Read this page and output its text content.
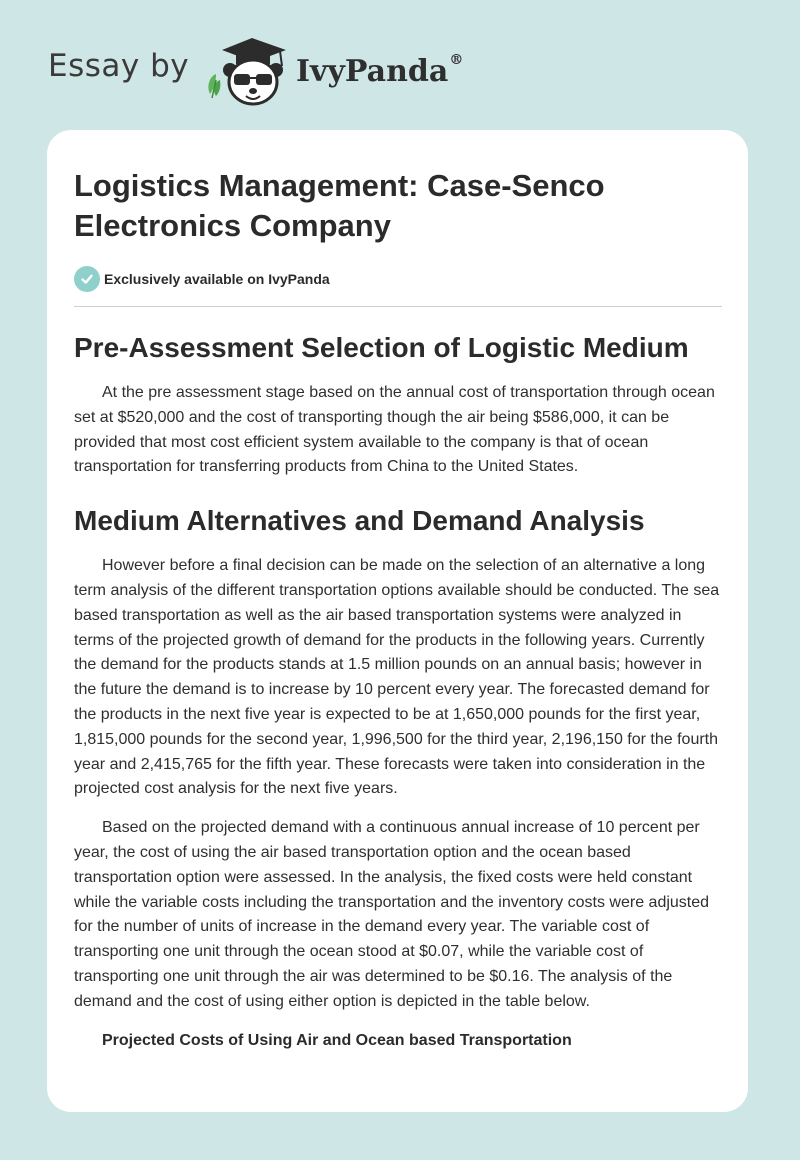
Essay by	IvyPanda®
Logistics Management: Case-Senco Electronics Company
Exclusively available on IvyPanda
Pre-Assessment Selection of Logistic Medium

At the pre assessment stage based on the annual cost of transportation through ocean set at $520,000 and the cost of transporting though the air being $586,000, it can be provided that most cost efficient system available to the company is that of ocean transportation for transferring products from China to the United States.

Medium Alternatives and Demand Analysis

However before a final decision can be made on the selection of an alternative a long term analysis of the different transportation options available should be conducted. The sea based transportation as well as the air based transportation systems were analyzed in terms of the projected growth of demand for the products in the following years. Currently the demand for the products stands at 1.5 million pounds on an annual basis; however in the future the demand is to increase by 10 percent every year. The forecasted demand for the products in the next five year is expected to be at 1,650,000 pounds for the first year, 1,815,000 pounds for the second year, 1,996,500 for the third year, 2,196,150 for the fourth year and 2,415,765 for the fifth year. These forecasts were taken into consideration in the projected cost analysis for the next five years.

Based on the projected demand with a continuous annual increase of 10 percent per year, the cost of using the air based transportation option and the ocean based transportation option were assessed. In the analysis, the fixed costs were held constant while the variable costs including the transportation and the inventory costs were adjusted for the number of units of increase in the demand every year. The variable cost of transporting one unit through the ocean stood at $0.07, while the variable cost of transporting one unit through the air was determined to be $0.16. The analysis of the demand and the cost of using either option is depicted in the table below.

Projected Costs of Using Air and Ocean based Transportation
